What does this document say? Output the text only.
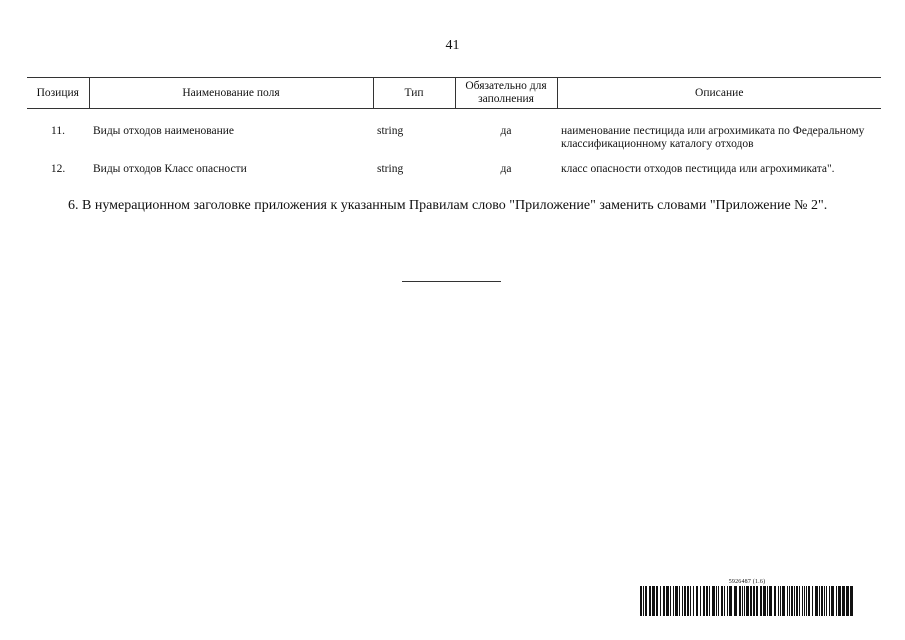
41
Позиция	Наименование поля	Тип	Обязательно для заполнения	Описание

11.	Виды отходов наименование	string	да	наименование пестицида или агрохимиката по Федеральному классификационному каталогу отходов
12.	Виды отходов Класс опасности	string	да	класс опасности отходов пестицида или агрохимиката".
6. В нумерационном заголовке приложения к указанным Правилам слово "Приложение" заменить словами "Приложение № 2".
5926487 (1.6)
